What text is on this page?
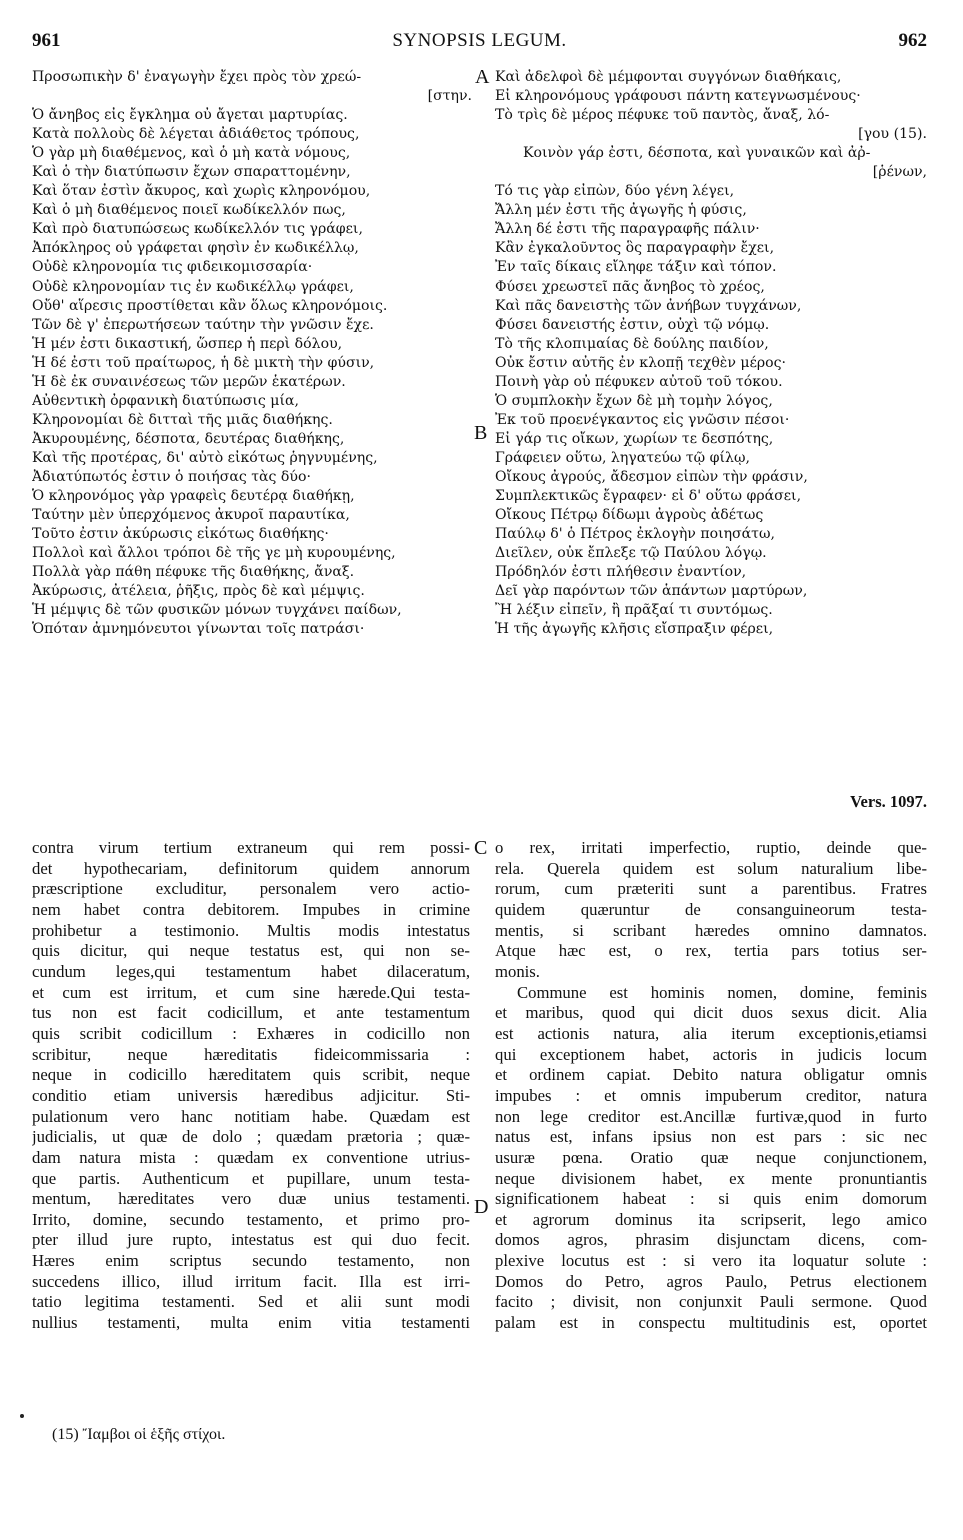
961	SYNOPSIS LEGUM.	962
A
B
C
D
Προσωπικὴν δ' ἐναγωγὴν ἔχει πρὸς τὸν χρεώ-
[στην.
Ὁ ἄνηβος εἰς ἔγκλημα οὐ ἄγεται μαρτυρίας.
Κατὰ πολλοὺς δὲ λέγεται ἀδιάθετος τρόπους,
Ὁ γὰρ μὴ διαθέμενος, καὶ ὁ μὴ κατὰ νόμους,
Καὶ ὁ τὴν διατύπωσιν ἔχων σπαραττομένην,
Καὶ ὅταν ἐστὶν ἄκυρος, καὶ χωρὶς κληρονόμου,
Καὶ ὁ μὴ διαθέμενος ποιεῖ κωδίκελλόν πως,
Καὶ πρὸ διατυπώσεως κωδίκελλόν τις γράφει,
Ἀπόκληρος οὐ γράφεται φησὶν ἐν κωδικέλλῳ,
Οὐδὲ κληρονομία τις φιδεικομισσαρία·
Οὐδὲ κληρονομίαν τις ἐν κωδικέλλῳ γράφει,
Οὔθ' αἵρεσις προστίθεται κἂν ὅλως κληρονόμοις.
Τῶν δὲ γ' ἐπερωτήσεων ταύτην τὴν γνῶσιν ἔχε.
Ἡ μέν ἐστι δικαστική, ὥσπερ ἡ περὶ δόλου,
Ἡ δέ ἐστι τοῦ πραίτωρος, ἡ δὲ μικτὴ τὴν φύσιν,
Ἡ δὲ ἐκ συναινέσεως τῶν μερῶν ἑκατέρων.
Αὐθεντικὴ ὀρφανικὴ διατύπωσις μία,
Κληρονομίαι δὲ διτταὶ τῆς μιᾶς διαθήκης.
Ἀκυρουμένης, δέσποτα, δευτέρας διαθήκης,
Καὶ τῆς προτέρας, δι' αὐτὸ εἰκότως ῥηγνυμένης,
Ἀδιατύπωτός ἐστιν ὁ ποιήσας τὰς δύο·
Ὁ κληρονόμος γὰρ γραφεὶς δευτέρᾳ διαθήκῃ,
Ταύτην μὲν ὑπερχόμενος ἀκυροῖ παραυτίκα,
Τοῦτο ἐστιν ἀκύρωσις εἰκότως διαθήκης·
Πολλοὶ καὶ ἄλλοι τρόποι δὲ τῆς γε μὴ κυρουμένης,
Πολλὰ γὰρ πάθη πέφυκε τῆς διαθήκης, ἄναξ.
Ἀκύρωσις, ἀτέλεια, ῥῆξις, πρὸς δὲ καὶ μέμψις.
Ἡ μέμψις δὲ τῶν φυσικῶν μόνων τυγχάνει παίδων,
Ὁπόταν ἀμνημόνευτοι γίνωνται τοῖς πατράσι·
Καὶ ἀδελφοὶ δὲ μέμφονται συγγόνων διαθήκαις,
Εἰ κληρονόμους γράφουσι πάντη κατεγνωσμένους·
Τὸ τρὶς δὲ μέρος πέφυκε τοῦ παντὸς, ἄναξ, λό-
[γου (15).
Κοινὸν γάρ ἐστι, δέσποτα, καὶ γυναικῶν καὶ ἀῤ-
[ῥένων,
Τό τις γὰρ εἰπὼν, δύο γένη λέγει,
Ἄλλη μέν ἐστι τῆς ἀγωγῆς ἡ φύσις,
Ἄλλη δέ ἐστι τῆς παραγραφῆς πάλιν·
Κἂν ἐγκαλοῦντος ὃς παραγραφὴν ἔχει,
Ἐν ταῖς δίκαις εἴληφε τάξιν καὶ τόπον.
Φύσει χρεωστεῖ πᾶς ἄνηβος τὸ χρέος,
Καὶ πᾶς δανειστὴς τῶν ἀνήβων τυγχάνων,
Φύσει δανειστής ἐστιν, οὐχὶ τῷ νόμῳ.
Τὸ τῆς κλοπιμαίας δὲ δούλης παιδίον,
Οὐκ ἔστιν αὐτῆς ἐν κλοπῇ τεχθὲν μέρος·
Ποινὴ γὰρ οὐ πέφυκεν αὐτοῦ τοῦ τόκου.
Ὁ συμπλοκὴν ἔχων δὲ μὴ τομὴν λόγος,
Ἐκ τοῦ προενέγκαντος εἰς γνῶσιν πέσοι·
Εἰ γάρ τις οἴκων, χωρίων τε δεσπότης,
Γράφειεν οὕτω, ληγατεύω τῷ φίλῳ,
Οἴκους ἀγρούς, ἄδεσμον εἰπὼν τὴν φράσιν,
Συμπλεκτικῶς ἔγραφεν· εἰ δ' οὕτω φράσει,
Οἴκους Πέτρῳ δίδωμι ἀγροὺς ἀδέτως
Παύλῳ δ' ὁ Πέτρος ἐκλογὴν ποιησάτω,
Διεῖλεν, οὐκ ἔπλεξε τῷ Παύλου λόγῳ.
Πρόδηλόν ἐστι πλήθεσιν ἐναντίον,
Δεῖ γὰρ παρόντων τῶν ἁπάντων μαρτύρων,
Ἢ λέξιν εἰπεῖν, ἢ πρᾶξαί τι συντόμως.
Ἡ τῆς ἀγωγῆς κλῆσις εἴσπραξιν φέρει,
Vers. 1097.
contra virum tertium extraneum qui rem possi-
det hypothecariam, definitorum quidem annorum
præscriptione excluditur, personalem vero actio-
nem habet contra debitorem. Impubes in crimine
prohibetur a testimonio. Multis modis intestatus
quis dicitur, qui neque testatus est, qui non se-
cundum leges,qui testamentum habet dilaceratum,
et cum est irritum, et cum sine hærede.Qui testa-
tus non est facit codicillum, et ante testamentum
quis scribit codicillum : Exhæres in codicillo non
scribitur, neque hæreditatis fideicommissaria :
neque in codicillo hæreditatem quis scribit, neque
conditio etiam universis hæredibus adjicitur. Sti-
pulationum vero hanc notitiam habe. Quædam est
judicialis, ut quæ de dolo ; quædam prætoria ; quæ-
dam natura mista : quædam ex conventione utrius-
que partis. Authenticum et pupillare, unum testa-
mentum, hæreditates vero duæ unius testamenti.
Irrito, domine, secundo testamento, et primo pro-
pter illud jure rupto, intestatus est qui duo fecit.
Hæres enim scriptus secundo testamento, non
succedens illico, illud irritum facit. Illa est irri-
tatio legitima testamenti. Sed et alii sunt modi
nullius testamenti, multa enim vitia testamenti
o rex, irritati imperfectio, ruptio, deinde que-
rela. Querela quidem est solum naturalium libe-
rorum, cum præteriti sunt a parentibus. Fratres
quidem quæruntur de consanguineorum testa-
mentis, si scribant hæredes omnino damnatos.
Atque hæc est, o rex, tertia pars totius ser-
monis.
Commune est hominis nomen, domine, feminis
et maribus, quod qui dicit duos sexus dicit. Alia
est actionis natura, alia iterum exceptionis,etiamsi
qui exceptionem habet, actoris in judicis locum
et ordinem capiat. Debito natura obligatur omnis
impubes : et omnis impuberum creditor, natura
non lege creditor est.Ancillæ furtivæ,quod in furto
natus est, infans ipsius non est pars : sic nec
usuræ pœna. Oratio quæ neque conjunctionem,
neque divisionem habet, ex mente pronuntiantis
significationem habeat : si quis enim domorum
et agrorum dominus ita scripserit, lego amico
domos agros, phrasim disjunctam dicens, com-
plexive locutus est : si vero ita loquatur solute :
Domos do Petro, agros Paulo, Petrus electionem
facito ; divisit, non conjunxit Pauli sermone. Quod
palam est in conspectu multitudinis est, oportet
(15) Ἴαμβοι οἱ ἑξῆς στίχοι.
